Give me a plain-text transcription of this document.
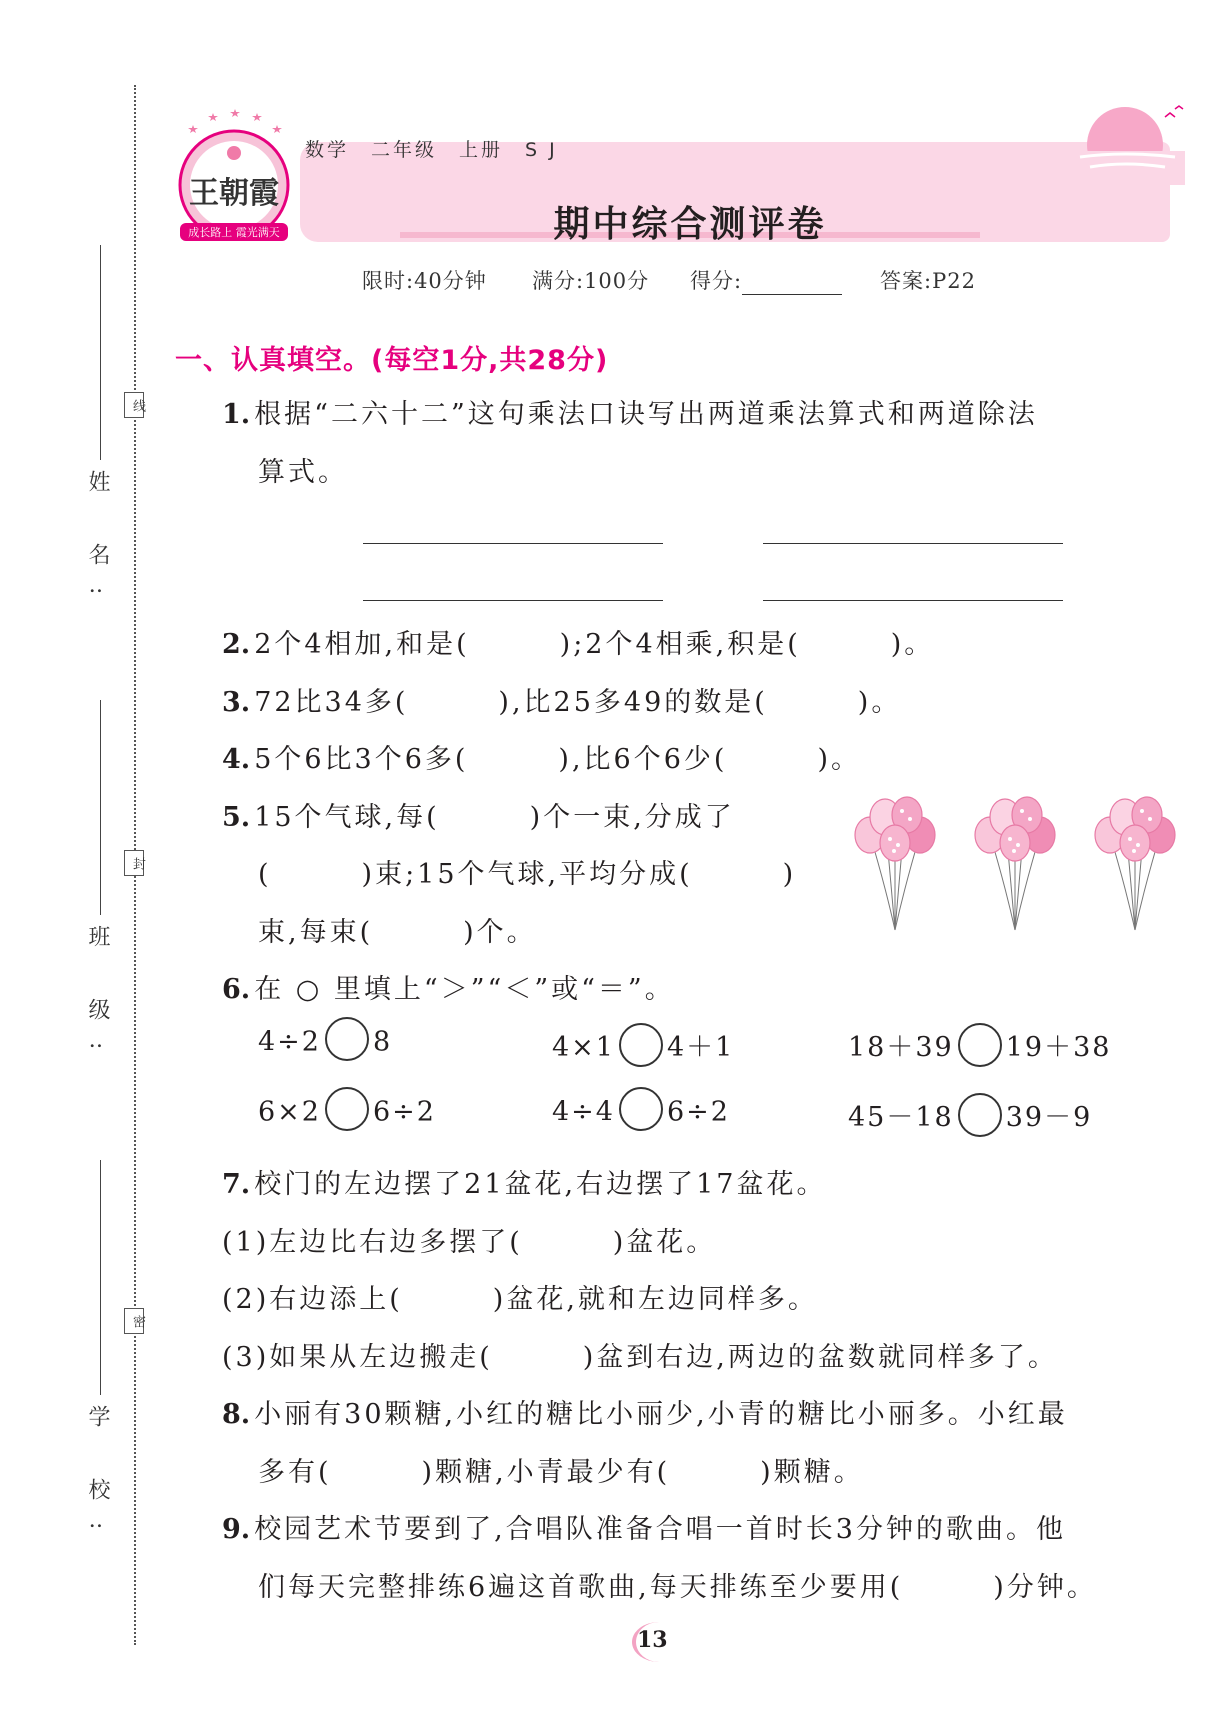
姓 名:
班 级:
学 校:
线
封
密
王朝霞
成长路上 霞光满天
数学　二年级　上册　S J
期中综合测评卷
限时:40分钟 满分:100分 得分:	答案:P22
一、认真填空。(每空1分,共28分)
1. 根据“二六十二”这句乘法口诀写出两道乘法算式和两道除法
算式。
2. 2个4相加,和是(　　　);2个4相乘,积是(　　　)。
3. 72比34多(　　　),比25多49的数是(　　　)。
4. 5个6比3个6多(　　　),比6个6少(　　　)。
5. 15个气球,每(　　　)个一束,分成了
(　　　)束;15个气球,平均分成(　　　)
束,每束(　　　)个。
6. 在 ○ 里填上“＞”“＜”或“＝”。
4÷2 8	4×1 4＋1	18＋39 19＋38
6×2 6÷2	4÷4 6÷2	45－18 39－9
7. 校门的左边摆了21盆花,右边摆了17盆花。
(1)左边比右边多摆了(　　　)盆花。
(2)右边添上(　　　)盆花,就和左边同样多。
(3)如果从左边搬走(　　　)盆到右边,两边的盆数就同样多了。
8. 小丽有30颗糖,小红的糖比小丽少,小青的糖比小丽多。小红最
多有(　　　)颗糖,小青最少有(　　　)颗糖。
9. 校园艺术节要到了,合唱队准备合唱一首时长3分钟的歌曲。他
们每天完整排练6遍这首歌曲,每天排练至少要用(　　　)分钟。
13
